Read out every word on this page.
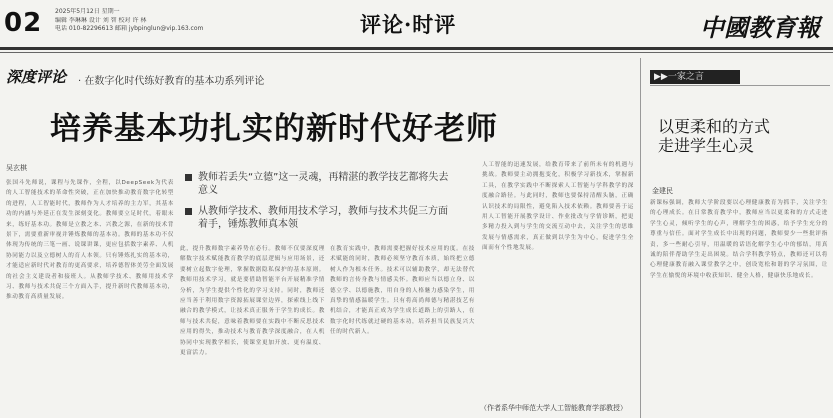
02 2025年5月12日 星期一
编辑 李琳琳 设计 刘 智 校对 许 林
电话 010-82296613 邮箱 jybpinglun@vip.163.com	评论·时评	中國教育報
深度评论 · 在数字化时代练好教育的基本功系列评论
培养基本功扎实的新时代好老师
吴玄棋
张国斗先师说，课程与先课作，全程，以DeepSeek为代表的人工智能技术的革命性突破，正在加快推动教育数字化转型的进程，人工智能时代，教师作为人才培养的主力军，其基本功的内涵与外延正在发生深刻变化。教师要立足时代，着眼未来，练好基本功。教师是立教之本、兴教之源，在新的技术背景下，需要重新审视并锤炼教师的基本功。教师的基本功不仅体现为传统的三笔一画、说课讲课，更应包括数字素养、人机协同能力以及立德树人的育人本领。只有锤炼扎实的基本功，才能适应新时代对教育的更高要求，培养德智体美劳全面发展的社会主义建设者和接班人。从教师学技术、教师用技术学习、教师与技术共促三个方面入手，提升新时代教师基本功，推动教育高质量发展。
教师若丢失“立德”这一灵魂，再精湛的教学技艺都将失去意义
从教师学技术、教师用技术学习，教师与技术共促三方面着手，锤炼教师真本领
此，提升教师数字素养势在必行。教师不仅要深度理解数字技术赋能教育教学的底层逻辑与应用场景，还要树立起数字伦理，掌握数据隐私保护的基本原则。教师用技术学习，就是要借助智能平台开展精准学情分析，为学生提供个性化的学习支持。同时，教师还应当善于利用数字资源拓展课堂边界，探索线上线下融合的教学模式，让技术真正服务于学生的成长。教师与技术共促，意味着教师要在实践中不断反思技术应用的得失，推动技术与教育教学深度融合，在人机协同中实现教学相长，使课堂更加开放、更有温度、更富活力。
在教育实践中，教师需要把握好技术应用的度。在技术赋能的同时，教师必须坚守教育本质，始终把立德树人作为根本任务。技术可以辅助教学，却无法替代教师的言传身教与情感关怀。教师应当以德立身、以德立学、以德施教，用自身的人格魅力感染学生，用真挚的情感温暖学生。只有将高尚师德与精湛技艺有机结合，才能真正成为学生成长道路上的引路人，在数字化时代练就过硬的基本功，培养担当民族复兴大任的时代新人。
人工智能的迅速发展，给教育带来了前所未有的机遇与挑战。教师要主动拥抱变化，积极学习新技术，掌握新工具，在教学实践中不断探索人工智能与学科教学的深度融合路径。与此同时，教师也要保持清醒头脑，正确认识技术的局限性，避免陷入技术依赖。教师要善于运用人工智能开展教学设计、作业批改与学情诊断，把更多精力投入到与学生的交流互动中去，关注学生的思维发展与情感需求，真正做到以学生为中心，促进学生全面而有个性地发展。
（作者系华中师范大学人工智能教育学部教授）
▶▶一家之言
以更柔和的方式
走进学生心灵
金建民
新课标强调，教师大学阶段要以心理健康教育为抓手，关注学生的心理成长。在日常教育教学中，教师应当以更柔和的方式走进学生心灵，倾听学生的心声，理解学生的困惑，给予学生充分的尊重与信任。面对学生成长中出现的问题，教师要少一些批评指责，多一些耐心引导，用温暖的话语化解学生心中的郁结，用真诚的陪伴帮助学生走出困境。结合学科教学特点，教师还可以将心理健康教育融入课堂教学之中，创设宽松和谐的学习氛围，让学生在愉悦的环境中收获知识、健全人格，健康快乐地成长。
